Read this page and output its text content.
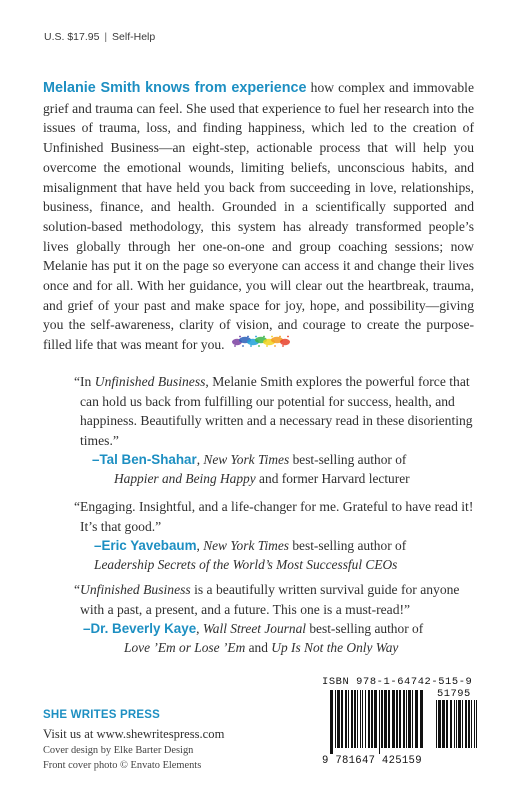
U.S. $17.95 | Self-Help

Melanie Smith knows from experience how complex and immovable grief and trauma can feel. She used that experience to fuel her research into the issues of trauma, loss, and finding happiness, which led to the creation of Unfinished Business—an eight-step, actionable process that will help you overcome the emotional wounds, limiting beliefs, unconscious habits, and misalignment that have held you back from succeeding in love, relationships, business, finance, and health. Grounded in a scientifically supported and solution-based methodology, this system has already transformed people’s lives globally through her one-on-one and group coaching sessions; now Melanie has put it on the page so everyone can access it and change their lives once and for all. With her guidance, you will clear out the heartbreak, trauma, and grief of your past and make space for joy, hope, and possibility—giving you the self-awareness, clarity of vision, and courage to create the purpose-filled life that was meant for you.

“In Unfinished Business, Melanie Smith explores the powerful force that can hold us back from fulfilling our potential for success, health, and happiness. Beautifully written and a necessary read in these disorienting times.”

–Tal Ben-Shahar, New York Times best-selling author of
Happier and Being Happy and former Harvard lecturer

“Engaging. Insightful, and a life-changer for me. Grateful to have read it! It’s that good.”

–Eric Yavebaum, New York Times best-selling author of
Leadership Secrets of the World’s Most Successful CEOs

“Unfinished Business is a beautifully written survival guide for anyone with a past, a present, and a future. This one is a must-read!”

–Dr. Beverly Kaye, Wall Street Journal best-selling author of
Love ’Em or Lose ’Em and Up Is Not the Only Way
SHE WRITES PRESS
Visit us at www.shewritespress.com
Cover design by Elke Barter Design
Front cover photo © Envato Elements
ISBN 978-1-64742-515-9
51795
9 781647 425159
